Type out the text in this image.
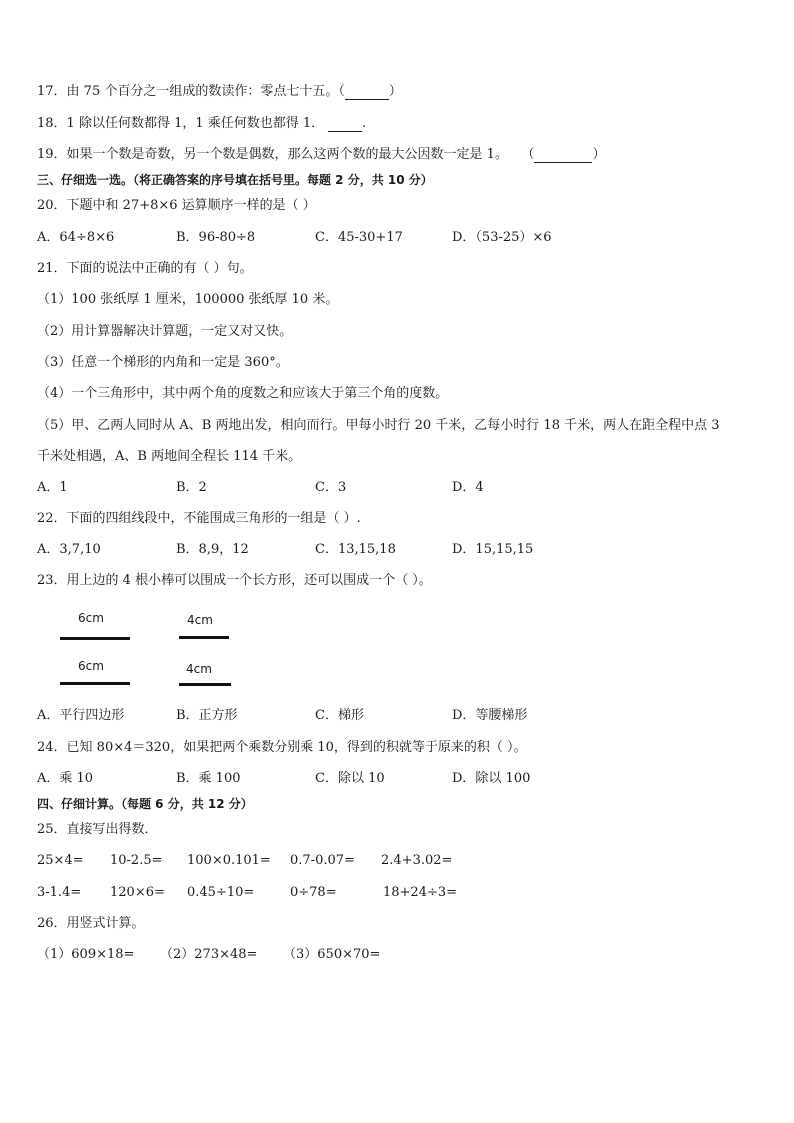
17．由 75 个百分之一组成的数读作：零点七十五。（	）
18．1 除以任何数都得 1，1 乘任何数也都得 1．	.
19．如果一个数是奇数，另一个数是偶数，那么这两个数的最大公因数一定是 1。 （	）
三、仔细选一选。（将正确答案的序号填在括号里。每题 2 分，共 10 分）
20．下题中和 27+8×6 运算顺序一样的是（ ）
A．64÷8×6	B．96-80÷8	C．45-30+17	D．（53-25）×6
21．下面的说法中正确的有（ ）句。
（1）100 张纸厚 1 厘米，100000 张纸厚 10 米。
（2）用计算器解决计算题，一定又对又快。
（3）任意一个梯形的内角和一定是 360°。
（4）一个三角形中，其中两个角的度数之和应该大于第三个角的度数。
（5）甲、乙两人同时从 A、B 两地出发，相向而行。甲每小时行 20 千米，乙每小时行 18 千米，两人在距全程中点 3
千米处相遇，A、B 两地间全程长 114 千米。
A．1	B．2	C．3	D．4
22．下面的四组线段中，不能围成三角形的一组是（ ）.
A．3,7,10	B．8,9，12	C．13,15,18	D．15,15,15
23．用上边的 4 根小棒可以围成一个长方形，还可以围成一个（ ）。
6cm	4cm
6cm	4cm
A．平行四边形	B．正方形	C．梯形	D．等腰梯形
24．已知 80×4＝320，如果把两个乘数分别乘 10，得到的积就等于原来的积（ ）。
A．乘 10	B．乘 100	C．除以 10	D．除以 100
四、仔细计算。（每题 6 分，共 12 分）
25．直接写出得数．
25×4= 10-2.5= 100×0.101= 0.7-0.07= 2.4+3.02=
3-1.4= 120×6= 0.45÷10=	0÷78=	18+24÷3=
26．用竖式计算。
（1）609×18= （2）273×48= （3）650×70=
